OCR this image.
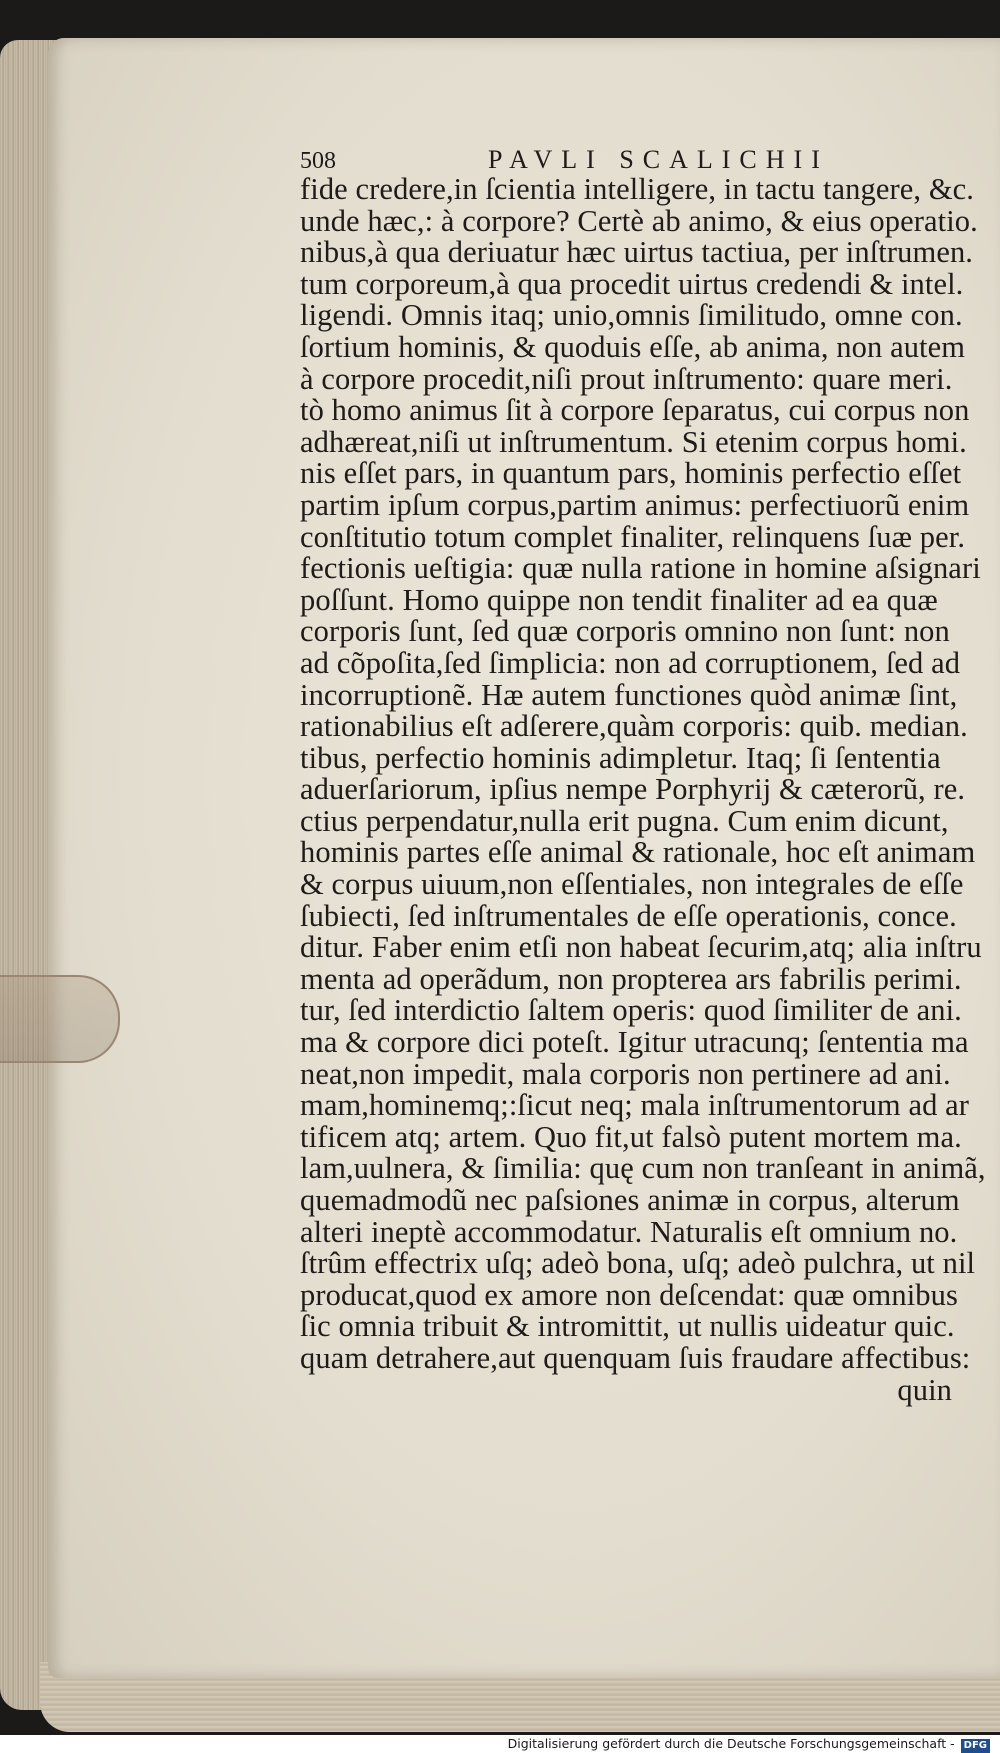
508	PAVLI SCALICHII
fide credere,in ſcientia intelligere, in tactu tangere, &c.
unde hæc,: à corpore? Certè ab animo, & eius operatio.
nibus,à qua deriuatur hæc uirtus tactiua, per inſtrumen.
tum corporeum,à qua procedit uirtus credendi & intel.
ligendi. Omnis itaq; unio,omnis ſimilitudo, omne con.
ſortium hominis, & quoduis eſſe, ab anima, non autem
à corpore procedit,niſi prout inſtrumento: quare meri.
tò homo animus ſit à corpore ſeparatus, cui corpus non
adhæreat,niſi ut inſtrumentum. Si etenim corpus homi.
nis eſſet pars, in quantum pars, hominis perfectio eſſet
partim ipſum corpus,partim animus: perfectiuorũ enim
conſtitutio totum complet finaliter, relinquens ſuæ per.
fectionis ueſtigia: quæ nulla ratione in homine aſsignari
poſſunt. Homo quippe non tendit finaliter ad ea quæ
corporis ſunt, ſed quæ corporis omnino non ſunt: non
ad cõpoſita,ſed ſimplicia: non ad corruptionem, ſed ad
incorruptionẽ. Hæ autem functiones quòd animæ ſint,
rationabilius eſt adſerere,quàm corporis: quib. median.
tibus, perfectio hominis adimpletur. Itaq; ſi ſententia
aduerſariorum, ipſius nempe Porphyrij & cæterorũ, re.
ctius perpendatur,nulla erit pugna. Cum enim dicunt,
hominis partes eſſe animal & rationale, hoc eſt animam
& corpus uiuum,non eſſentiales, non integrales de eſſe
ſubiecti, ſed inſtrumentales de eſſe operationis, conce.
ditur. Faber enim etſi non habeat ſecurim,atq; alia inſtru
menta ad operãdum, non propterea ars fabrilis perimi.
tur, ſed interdictio ſaltem operis: quod ſimiliter de ani.
ma & corpore dici poteſt. Igitur utracunq; ſententia ma
neat,non impedit, mala corporis non pertinere ad ani.
mam,hominemq;:ſicut neq; mala inſtrumentorum ad ar
tificem atq; artem. Quo fit,ut falsò putent mortem ma.
lam,uulnera, & ſimilia: quę cum non tranſeant in animã,
quemadmodũ nec paſsiones animæ in corpus, alterum
alteri ineptè accommodatur. Naturalis eſt omnium no.
ſtrûm effectrix uſq; adeò bona, uſq; adeò pulchra, ut nil
producat,quod ex amore non deſcendat: quæ omnibus
ſic omnia tribuit & intromittit, ut nullis uideatur quic.
quam detrahere,aut quenquam ſuis fraudare affectibus:
quin
Digitalisierung gefördert durch die Deutsche Forschungsgemeinschaft - DFG
